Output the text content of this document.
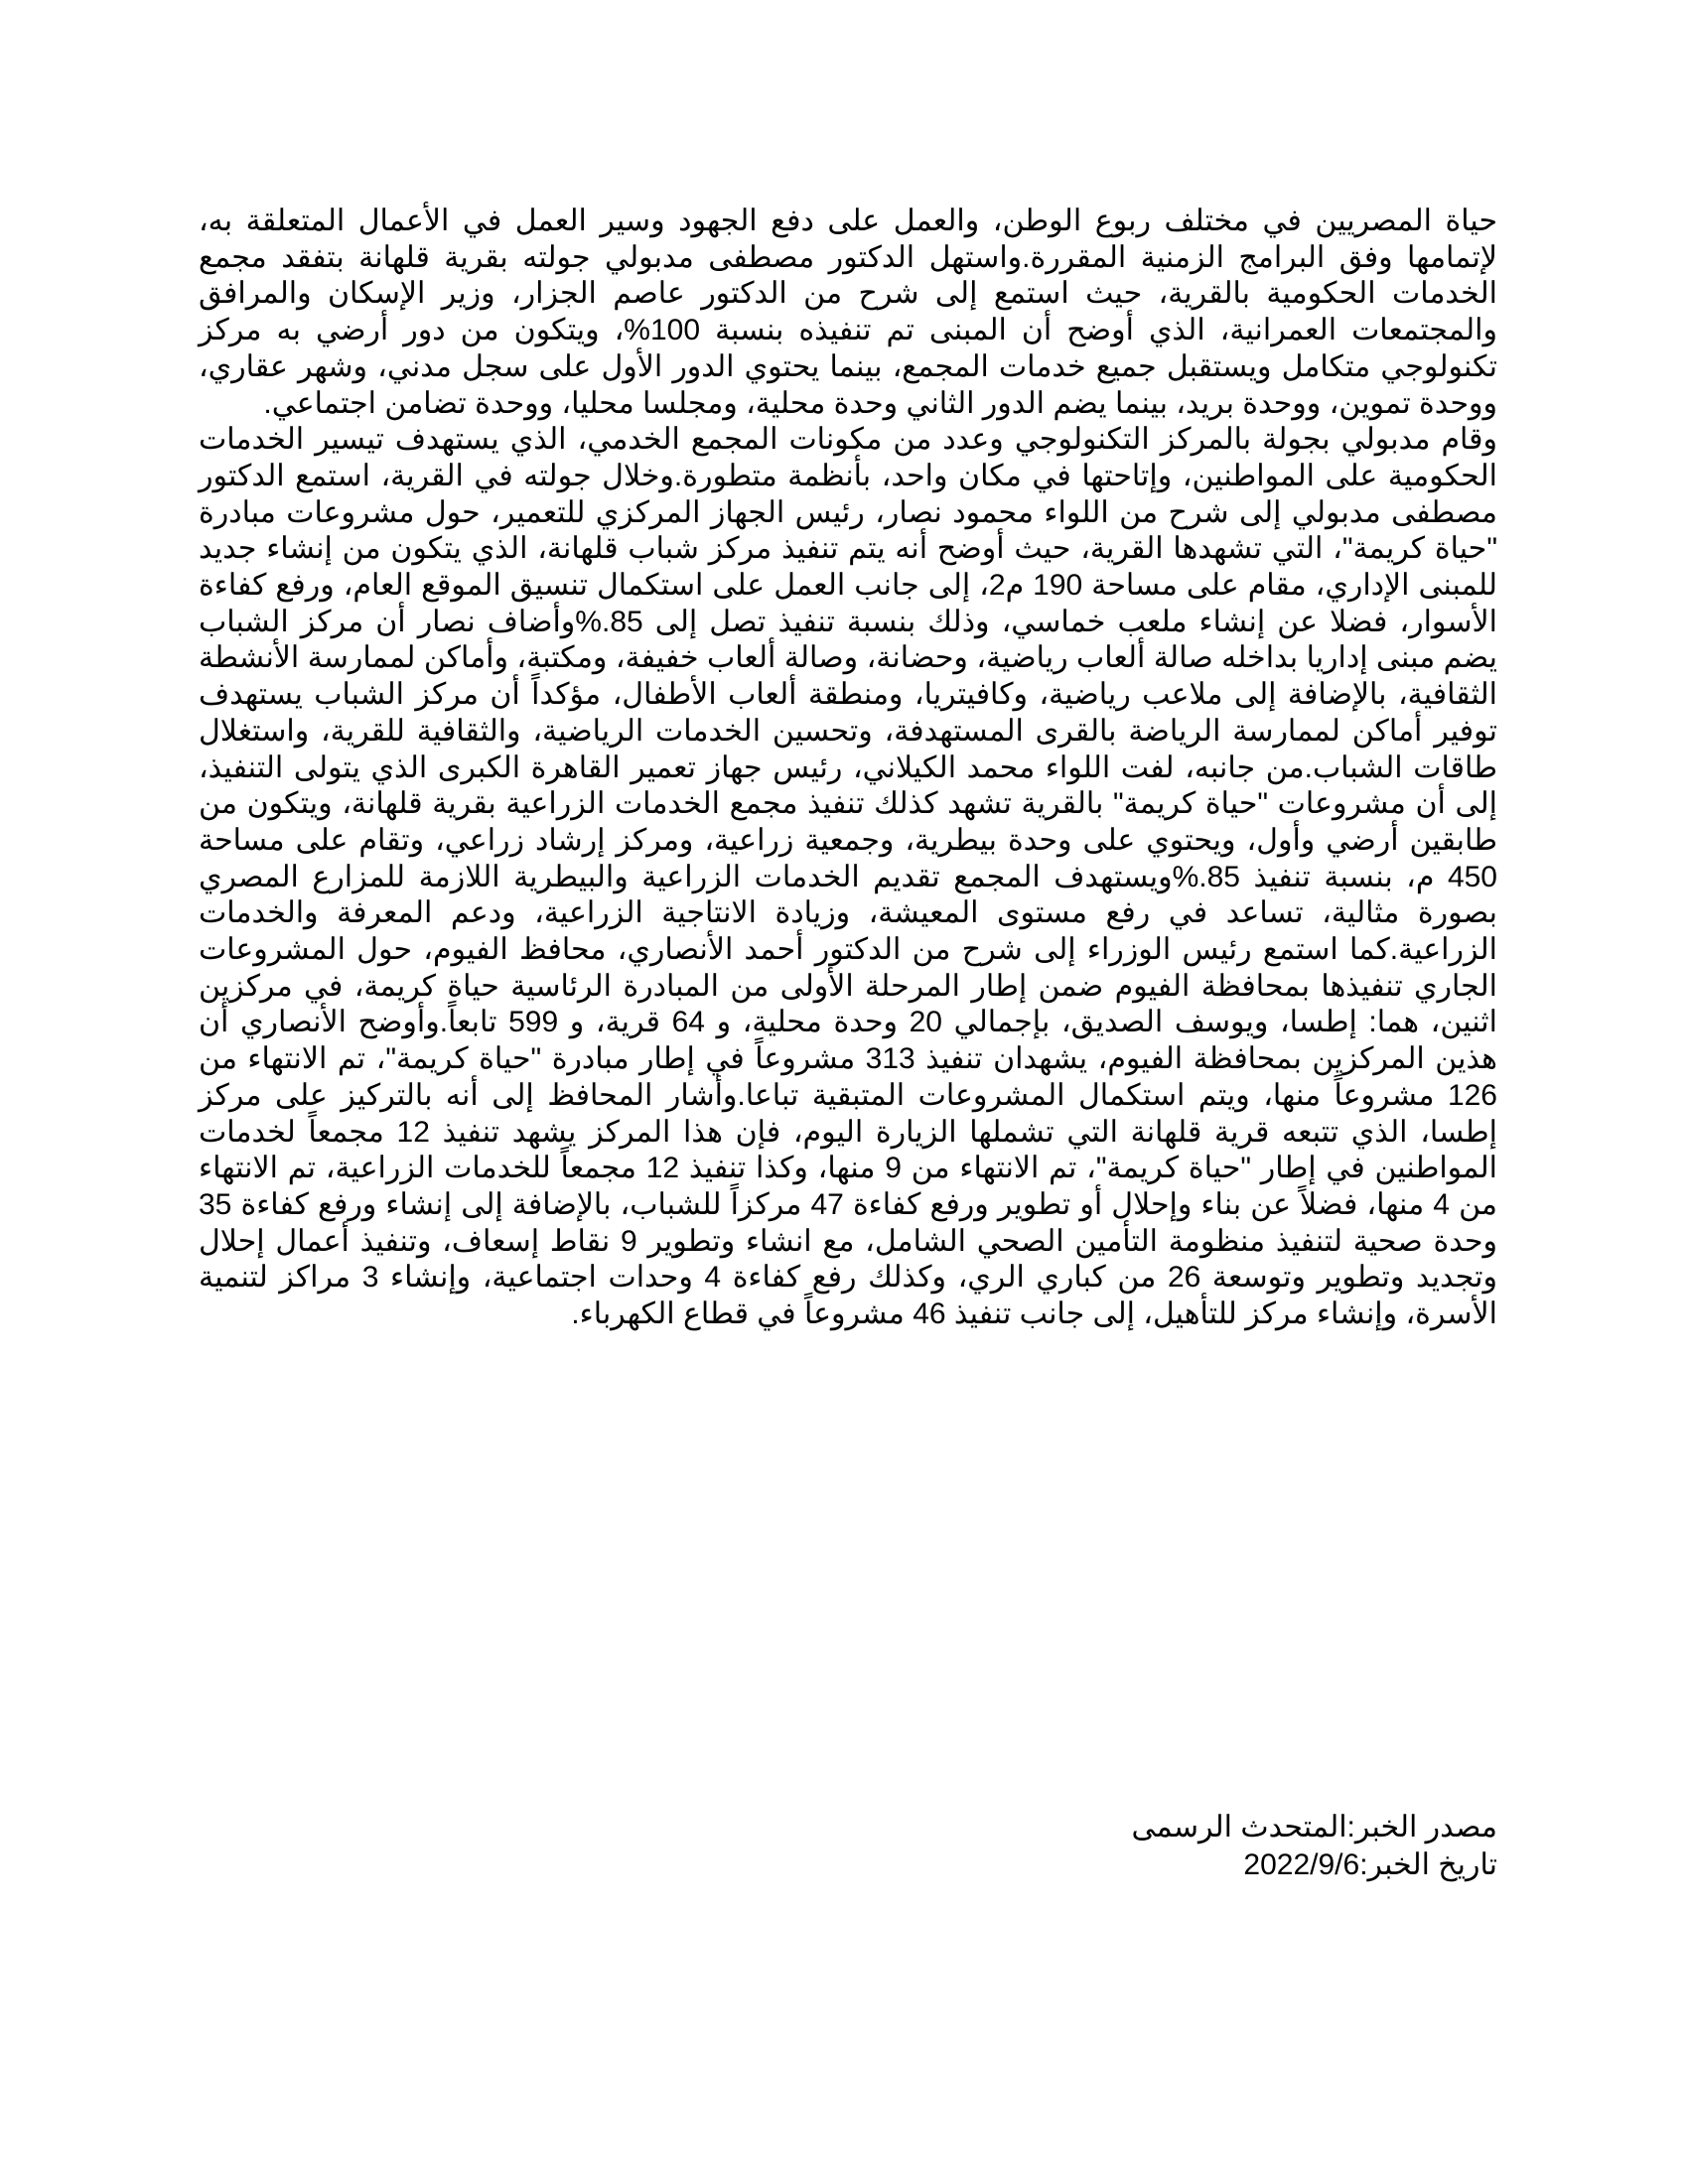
حياة المصريين في مختلف ربوع الوطن، والعمل على دفع الجهود وسير العمل في الأعمال المتعلقة به، لإتمامها وفق البرامج الزمنية المقررة.واستهل الدكتور مصطفى مدبولي جولته بقرية قلهانة بتفقد مجمع الخدمات الحكومية بالقرية، حيث استمع إلى شرح من الدكتور عاصم الجزار، وزير الإسكان والمرافق والمجتمعات العمرانية، الذي أوضح أن المبنى تم تنفيذه بنسبة 100%، ويتكون من دور أرضي به مركز تكنولوجي متكامل ويستقبل جميع خدمات المجمع، بينما يحتوي الدور الأول على سجل مدني، وشهر عقاري، ووحدة تموين، ووحدة بريد، بينما يضم الدور الثاني وحدة محلية، ومجلسا محليا، ووحدة تضامن اجتماعي.

وقام مدبولي بجولة بالمركز التكنولوجي وعدد من مكونات المجمع الخدمي، الذي يستهدف تيسير الخدمات الحكومية على المواطنين، وإتاحتها في مكان واحد، بأنظمة متطورة.وخلال جولته في القرية، استمع الدكتور مصطفى مدبولي إلى شرح من اللواء محمود نصار، رئيس الجهاز المركزي للتعمير، حول مشروعات مبادرة "حياة كريمة"، التي تشهدها القرية، حيث أوضح أنه يتم تنفيذ مركز شباب قلهانة، الذي يتكون من إنشاء جديد للمبنى الإداري، مقام على مساحة 190 م2، إلى جانب العمل على استكمال تنسيق الموقع العام، ورفع كفاءة الأسوار، فضلا عن إنشاء ملعب خماسي، وذلك بنسبة تنفيذ تصل إلى 85.%وأضاف نصار أن مركز الشباب يضم مبنى إداريا بداخله صالة ألعاب رياضية، وحضانة، وصالة ألعاب خفيفة، ومكتبة، وأماكن لممارسة الأنشطة الثقافية، بالإضافة إلى ملاعب رياضية، وكافيتريا، ومنطقة ألعاب الأطفال، مؤكداً أن مركز الشباب يستهدف توفير أماكن لممارسة الرياضة بالقرى المستهدفة، وتحسين الخدمات الرياضية، والثقافية للقرية، واستغلال طاقات الشباب.من جانبه، لفت اللواء محمد الكيلاني، رئيس جهاز تعمير القاهرة الكبرى الذي يتولى التنفيذ، إلى أن مشروعات "حياة كريمة" بالقرية تشهد كذلك تنفيذ مجمع الخدمات الزراعية بقرية قلهانة، ويتكون من طابقين أرضي وأول، ويحتوي على وحدة بيطرية، وجمعية زراعية، ومركز إرشاد زراعي، وتقام على مساحة 450 م، بنسبة تنفيذ 85.%ويستهدف المجمع تقديم الخدمات الزراعية والبيطرية اللازمة للمزارع المصري بصورة مثالية، تساعد في رفع مستوى المعيشة، وزيادة الانتاجية الزراعية، ودعم المعرفة والخدمات الزراعية.كما استمع رئيس الوزراء إلى شرح من الدكتور أحمد الأنصاري، محافظ الفيوم، حول المشروعات الجاري تنفيذها بمحافظة الفيوم ضمن إطار المرحلة الأولى من المبادرة الرئاسية حياة كريمة، في مركزين اثنين، هما: إطسا، ويوسف الصديق، بإجمالي 20 وحدة محلية، و 64 قرية، و 599 تابعاً.وأوضح الأنصاري أن هذين المركزين بمحافظة الفيوم، يشهدان تنفيذ 313 مشروعاً في إطار مبادرة "حياة كريمة"، تم الانتهاء من 126 مشروعاً منها، ويتم استكمال المشروعات المتبقية تباعا.وأشار المحافظ إلى أنه بالتركيز على مركز إطسا، الذي تتبعه قرية قلهانة التي تشملها الزيارة اليوم، فإن هذا المركز يشهد تنفيذ 12 مجمعاً لخدمات المواطنين في إطار "حياة كريمة"، تم الانتهاء من 9 منها، وكذا تنفيذ 12 مجمعاً للخدمات الزراعية، تم الانتهاء من 4 منها، فضلاً عن بناء وإحلال أو تطوير ورفع كفاءة 47 مركزاً للشباب، بالإضافة إلى إنشاء ورفع كفاءة 35 وحدة صحية لتنفيذ منظومة التأمين الصحي الشامل، مع انشاء وتطوير 9 نقاط إسعاف، وتنفيذ أعمال إحلال وتجديد وتطوير وتوسعة 26 من كباري الري، وكذلك رفع كفاءة 4 وحدات اجتماعية، وإنشاء 3 مراكز لتنمية الأسرة، وإنشاء مركز للتأهيل، إلى جانب تنفيذ 46 مشروعاً في قطاع الكهرباء.

مصدر الخبر:المتحدث الرسمى

تاريخ الخبر:2022/9/6
